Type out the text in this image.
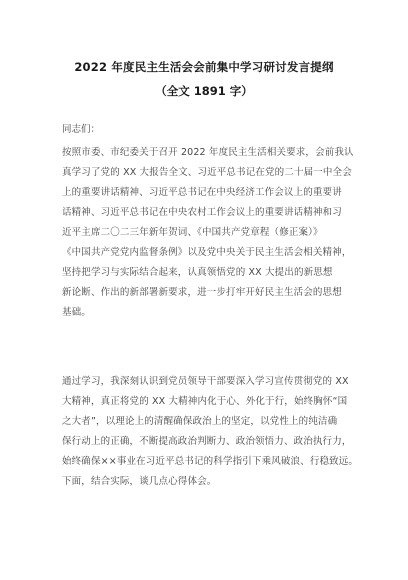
2022 年度民主生活会会前集中学习研讨发言提纲
（全文 1891 字）
同志们：
按照市委、市纪委关于召开 2022 年度民主生活相关要求，会前我认
真学习了党的 XX 大报告全文、习近平总书记在党的二十届一中全会
上的重要讲话精神、习近平总书记在中央经济工作会议上的重要讲
话精神、习近平总书记在中央农村工作会议上的重要讲话精神和习
近平主席二〇二三年新年贺词、《中国共产党章程（修正案）》
《中国共产党党内监督条例》以及党中央关于民主生活会相关精神，
坚持把学习与实际结合起来，认真领悟党的 XX 大提出的新思想
新论断、作出的新部署新要求，进一步打牢开好民主生活会的思想
基础。
通过学习，我深刻认识到党员领导干部要深入学习宣传贯彻党的 XX
大精神，真正将党的 XX 大精神内化于心、外化于行，始终胸怀“国
之大者”，以理论上的清醒确保政治上的坚定，以党性上的纯洁确
保行动上的正确，不断提高政治判断力、政治领悟力、政治执行力，
始终确保××事业在习近平总书记的科学指引下乘风破浪、行稳致远。
下面，结合实际，谈几点心得体会。
